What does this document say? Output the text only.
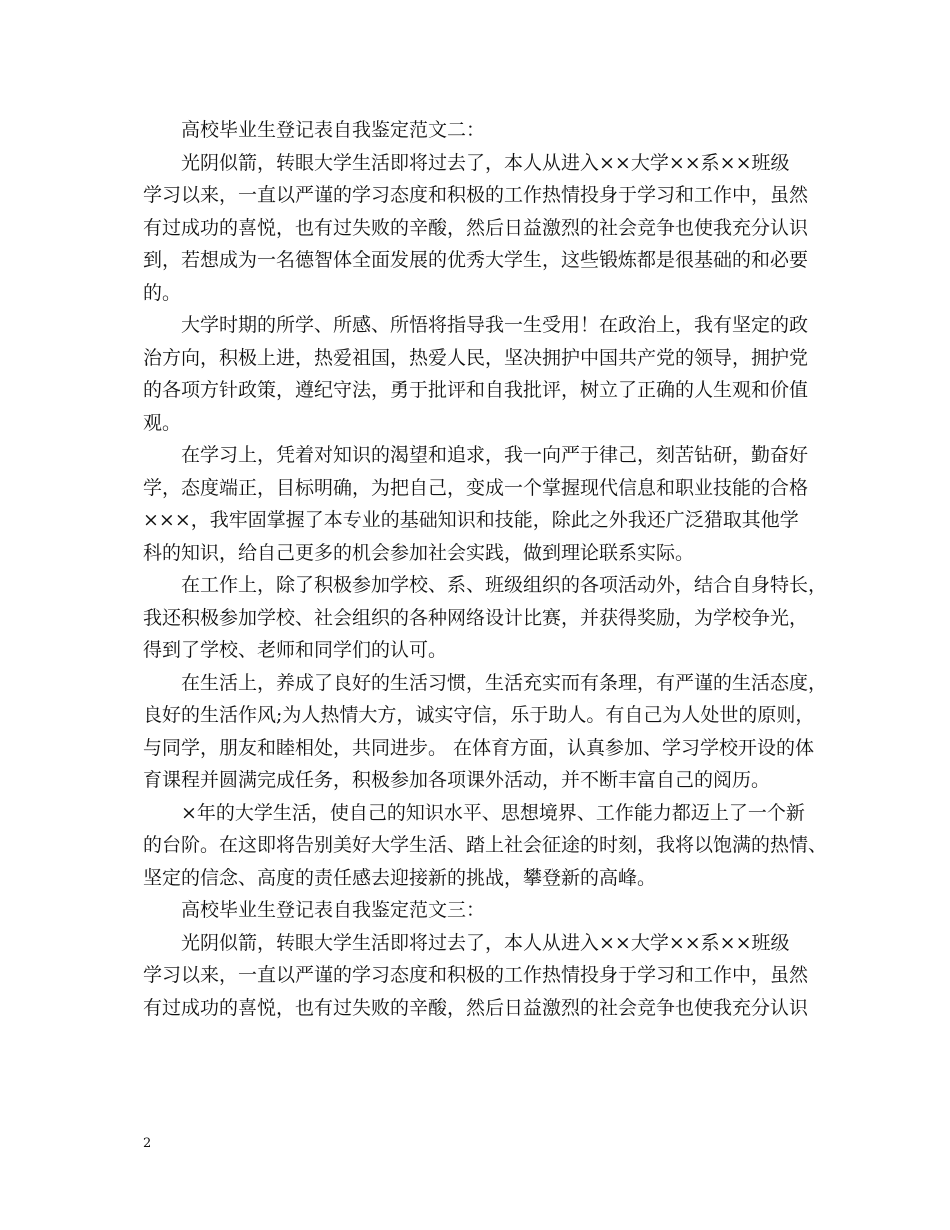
高校毕业生登记表自我鉴定范文二：
光阴似箭，转眼大学生活即将过去了，本人从进入××大学××系××班级
学习以来，一直以严谨的学习态度和积极的工作热情投身于学习和工作中，虽然
有过成功的喜悦，也有过失败的辛酸，然后日益激烈的社会竞争也使我充分认识
到，若想成为一名德智体全面发展的优秀大学生，这些锻炼都是很基础的和必要
的。
大学时期的所学、所感、所悟将指导我一生受用！在政治上，我有坚定的政
治方向，积极上进，热爱祖国，热爱人民，坚决拥护中国共产党的领导，拥护党
的各项方针政策，遵纪守法，勇于批评和自我批评，树立了正确的人生观和价值
观。
在学习上，凭着对知识的渴望和追求，我一向严于律己，刻苦钻研，勤奋好
学，态度端正，目标明确，为把自己，变成一个掌握现代信息和职业技能的合格
×××，我牢固掌握了本专业的基础知识和技能，除此之外我还广泛猎取其他学
科的知识，给自己更多的机会参加社会实践，做到理论联系实际。
在工作上，除了积极参加学校、系、班级组织的各项活动外，结合自身特长，
我还积极参加学校、社会组织的各种网络设计比赛，并获得奖励，为学校争光，
得到了学校、老师和同学们的认可。
在生活上，养成了良好的生活习惯，生活充实而有条理，有严谨的生活态度，
良好的生活作风;为人热情大方，诚实守信，乐于助人。有自己为人处世的原则，
与同学，朋友和睦相处，共同进步。 在体育方面，认真参加、学习学校开设的体
育课程并圆满完成任务，积极参加各项课外活动，并不断丰富自己的阅历。
×年的大学生活，使自己的知识水平、思想境界、工作能力都迈上了一个新
的台阶。在这即将告别美好大学生活、踏上社会征途的时刻，我将以饱满的热情、
坚定的信念、高度的责任感去迎接新的挑战，攀登新的高峰。
高校毕业生登记表自我鉴定范文三：
光阴似箭，转眼大学生活即将过去了，本人从进入××大学××系××班级
学习以来，一直以严谨的学习态度和积极的工作热情投身于学习和工作中，虽然
有过成功的喜悦，也有过失败的辛酸，然后日益激烈的社会竞争也使我充分认识
2
